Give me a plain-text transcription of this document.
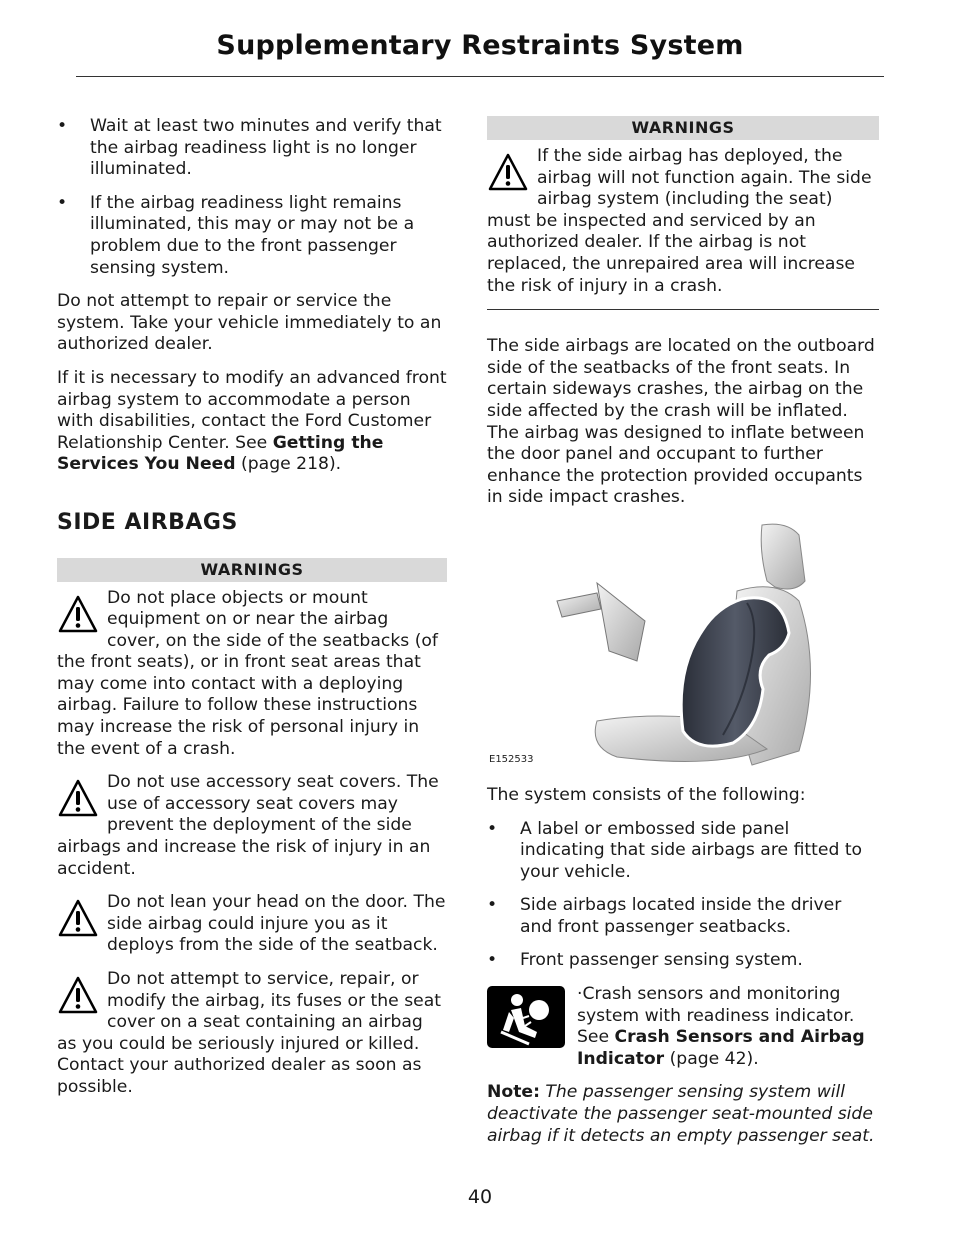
Supplementary Restraints System
•	Wait at least two minutes and verify that the airbag readiness light is no longer illuminated.
•	If the airbag readiness light remains illuminated, this may or may not be a problem due to the front passenger sensing system.

Do not attempt to repair or service the system. Take your vehicle immediately to an authorized dealer.

If it is necessary to modify an advanced front airbag system to accommodate a person with disabilities, contact the Ford Customer Relationship Center. See Getting the Services You Need (page 218).

SIDE AIRBAGS
WARNINGS
Do not place objects or mount equipment on or near the airbag cover, on the side of the seatbacks (of the front seats), or in front seat areas that may come into contact with a deploying airbag. Failure to follow these instructions may increase the risk of personal injury in the event of a crash.
Do not use accessory seat covers. The use of accessory seat covers may prevent the deployment of the side airbags and increase the risk of injury in an accident.
Do not lean your head on the door. The side airbag could injure you as it deploys from the side of the seatback.
Do not attempt to service, repair, or modify the airbag, its fuses or the seat cover on a seat containing an airbag as you could be seriously injured or killed. Contact your authorized dealer as soon as possible.
WARNINGS
If the side airbag has deployed, the airbag will not function again. The side airbag system (including the seat) must be inspected and serviced by an authorized dealer. If the airbag is not replaced, the unrepaired area will increase the risk of injury in a crash.

The side airbags are located on the outboard side of the seatbacks of the front seats. In certain sideways crashes, the airbag on the side affected by the crash will be inflated. The airbag was designed to inflate between the door panel and occupant to further enhance the protection provided occupants in side impact crashes.

E152533

The system consists of the following:

•	A label or embossed side panel indicating that side airbags are fitted to your vehicle.
•	Side airbags located inside the driver and front passenger seatbacks.
•	Front passenger sensing system.
·Crash sensors and monitoring system with readiness indicator. See Crash Sensors and Airbag Indicator (page 42).

Note: The passenger sensing system will deactivate the passenger seat-mounted side airbag if it detects an empty passenger seat.

40
